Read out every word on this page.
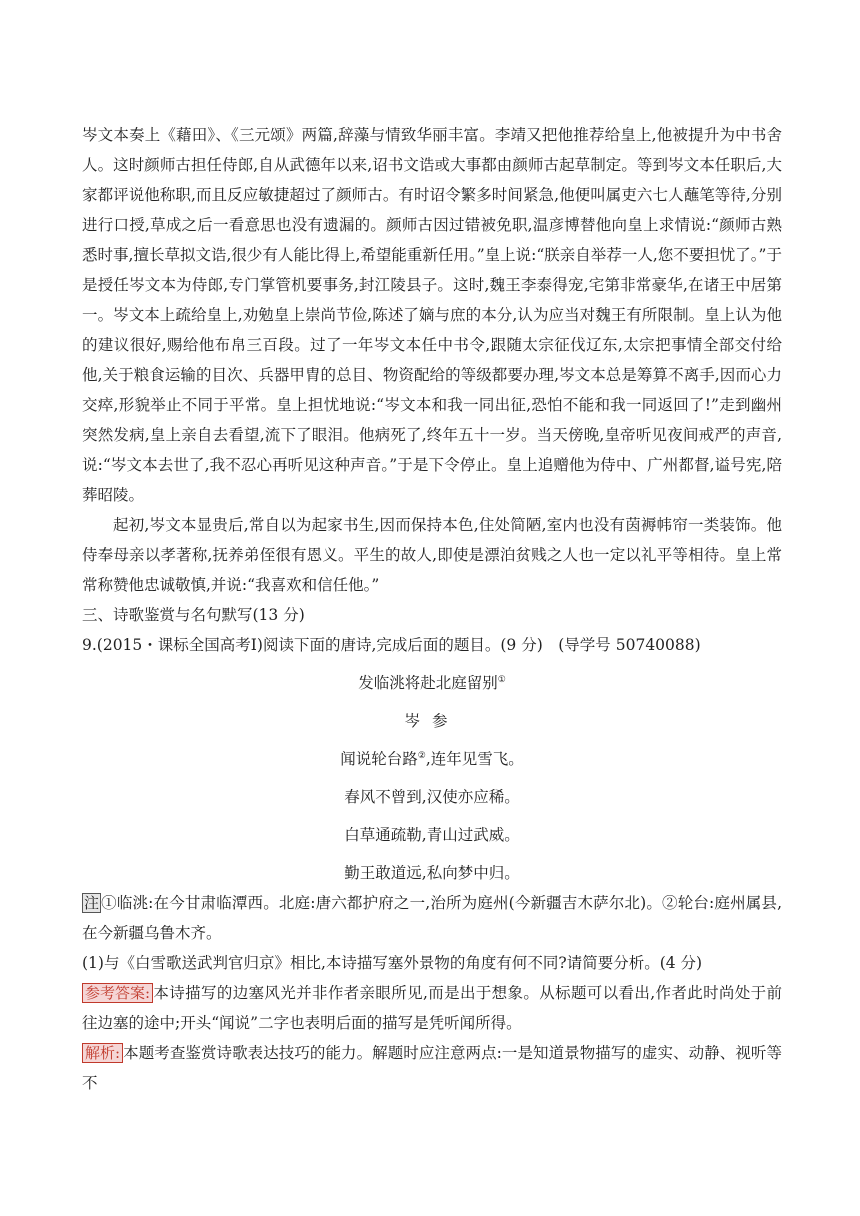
岑文本奏上《藉田》、《三元颂》两篇,辞藻与情致华丽丰富。李靖又把他推荐给皇上,他被提升为中书舍人。这时颜师古担任侍郎,自从武德年以来,诏书文诰或大事都由颜师古起草制定。等到岑文本任职后,大家都评说他称职,而且反应敏捷超过了颜师古。有时诏令繁多时间紧急,他便叫属吏六七人蘸笔等待,分别进行口授,草成之后一看意思也没有遗漏的。颜师古因过错被免职,温彦博替他向皇上求情说:“颜师古熟悉时事,擅长草拟文诰,很少有人能比得上,希望能重新任用。”皇上说:“朕亲自举荐一人,您不要担忧了。”于是授任岑文本为侍郎,专门掌管机要事务,封江陵县子。这时,魏王李泰得宠,宅第非常豪华,在诸王中居第一。岑文本上疏给皇上,劝勉皇上崇尚节俭,陈述了嫡与庶的本分,认为应当对魏王有所限制。皇上认为他的建议很好,赐给他布帛三百段。过了一年岑文本任中书令,跟随太宗征伐辽东,太宗把事情全部交付给他,关于粮食运输的目次、兵器甲胄的总目、物资配给的等级都要办理,岑文本总是筹算不离手,因而心力交瘁,形貌举止不同于平常。皇上担忧地说:“岑文本和我一同出征,恐怕不能和我一同返回了!”走到幽州突然发病,皇上亲自去看望,流下了眼泪。他病死了,终年五十一岁。当天傍晚,皇帝听见夜间戒严的声音,说:“岑文本去世了,我不忍心再听见这种声音。”于是下令停止。皇上追赠他为侍中、广州都督,谥号宪,陪葬昭陵。

起初,岑文本显贵后,常自以为起家书生,因而保持本色,住处简陋,室内也没有茵褥帏帘一类装饰。他侍奉母亲以孝著称,抚养弟侄很有恩义。平生的故人,即使是漂泊贫贱之人也一定以礼平等相待。皇上常常称赞他忠诚敬慎,并说:“我喜欢和信任他。”

三、诗歌鉴赏与名句默写(13 分)

9.(2015・课标全国高考Ⅰ)阅读下面的唐诗,完成后面的题目。(9 分)　(导学号 50740088)

发临洮将赴北庭留别①

岑参

闻说轮台路②,连年见雪飞。

春风不曾到,汉使亦应稀。

白草通疏勒,青山过武威。

勤王敢道远,私向梦中归。

注 ①临洮:在今甘肃临潭西。北庭:唐六都护府之一,治所为庭州(今新疆吉木萨尔北)。②轮台:庭州属县,在今新疆乌鲁木齐。

(1)与《白雪歌送武判官归京》相比,本诗描写塞外景物的角度有何不同?请简要分析。(4 分)

参考答案: 本诗描写的边塞风光并非作者亲眼所见,而是出于想象。从标题可以看出,作者此时尚处于前往边塞的途中;开头“闻说”二字也表明后面的描写是凭听闻所得。

解析: 本题考查鉴赏诗歌表达技巧的能力。解题时应注意两点:一是知道景物描写的虚实、动静、视听等不
